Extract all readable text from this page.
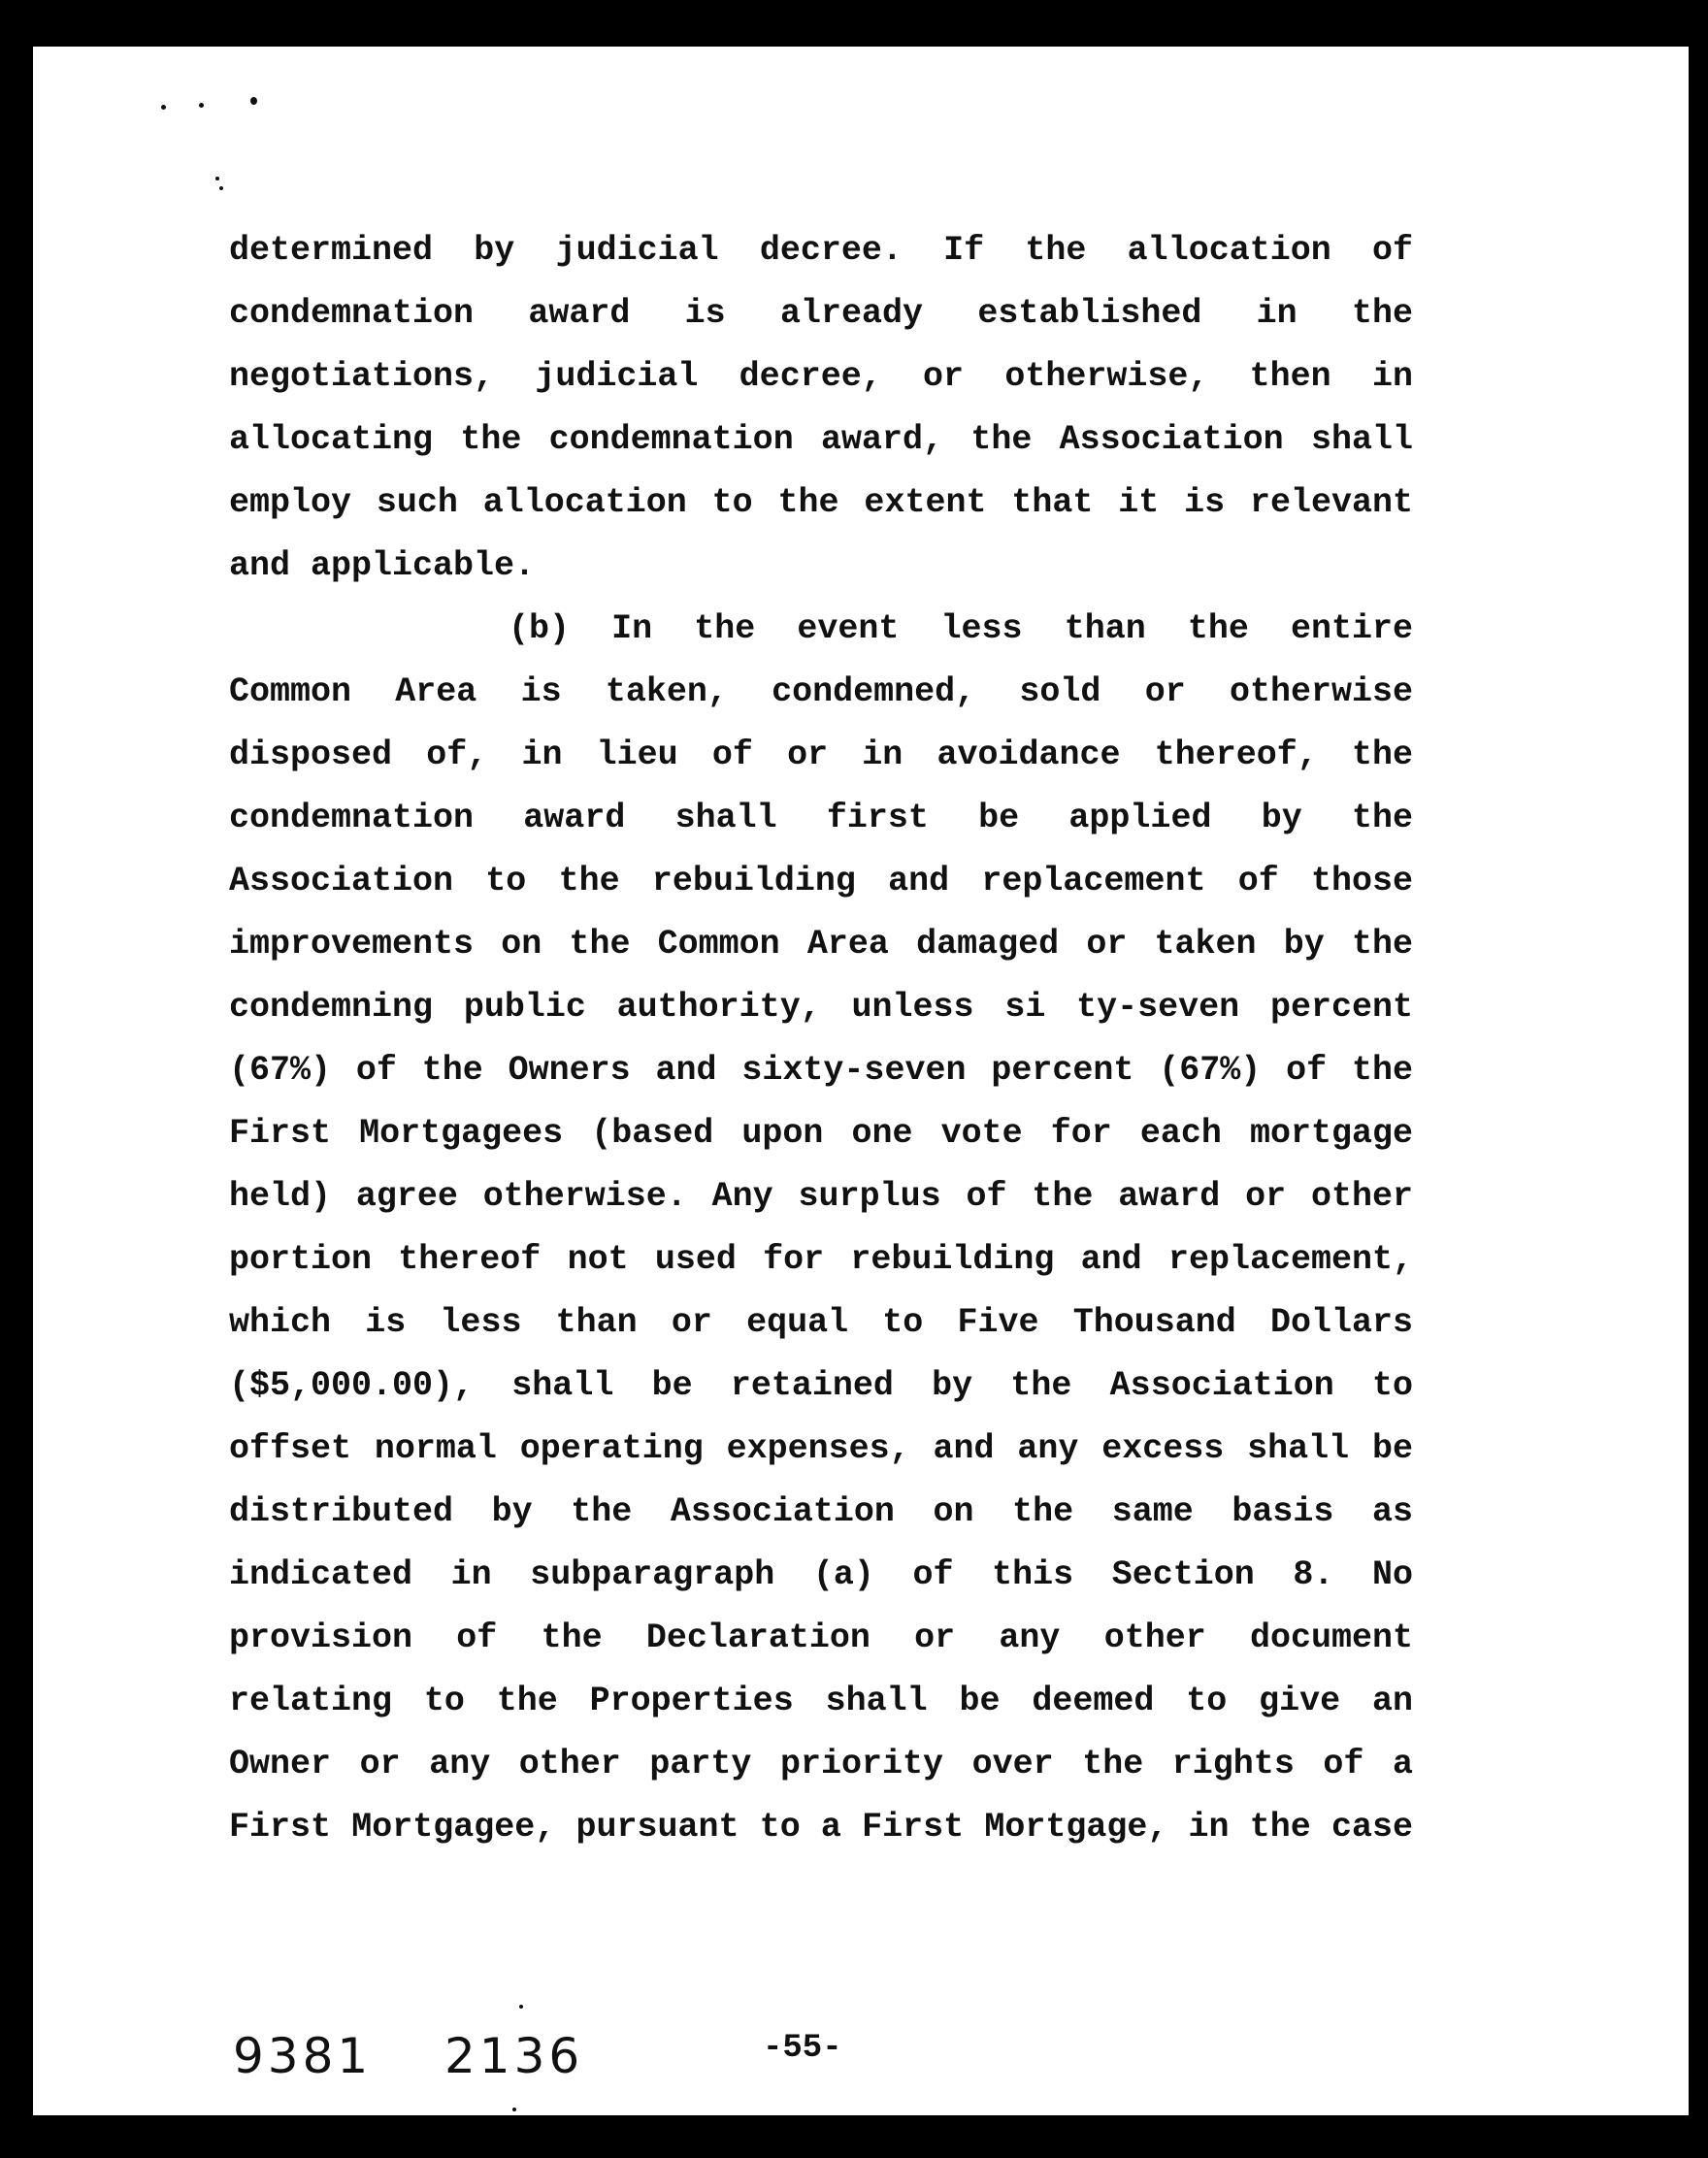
determined by judicial decree. If the allocation of
condemnation award is already established in the
negotiations, judicial decree, or otherwise, then in
allocating the condemnation award, the Association shall
employ such allocation to the extent that it is relevant
and applicable.
(b) In the event less than the entire
Common Area is taken, condemned, sold or otherwise
disposed of, in lieu of or in avoidance thereof, the
condemnation award shall first be applied by the
Association to the rebuilding and replacement of those
improvements on the Common Area damaged or taken by the
condemning public authority, unless si ty-seven percent
(67%) of the Owners and sixty-seven percent (67%) of the
First Mortgagees (based upon one vote for each mortgage
held) agree otherwise. Any surplus of the award or other
portion thereof not used for rebuilding and replacement,
which is less than or equal to Five Thousand Dollars
($5,000.00), shall be retained by the Association to
offset normal operating expenses, and any excess shall be
distributed by the Association on the same basis as
indicated in subparagraph (a) of this Section 8. No
provision of the Declaration or any other document
relating to the Properties shall be deemed to give an
Owner or any other party priority over the rights of a
First Mortgagee, pursuant to a First Mortgage, in the case
9381 2136	-55-
